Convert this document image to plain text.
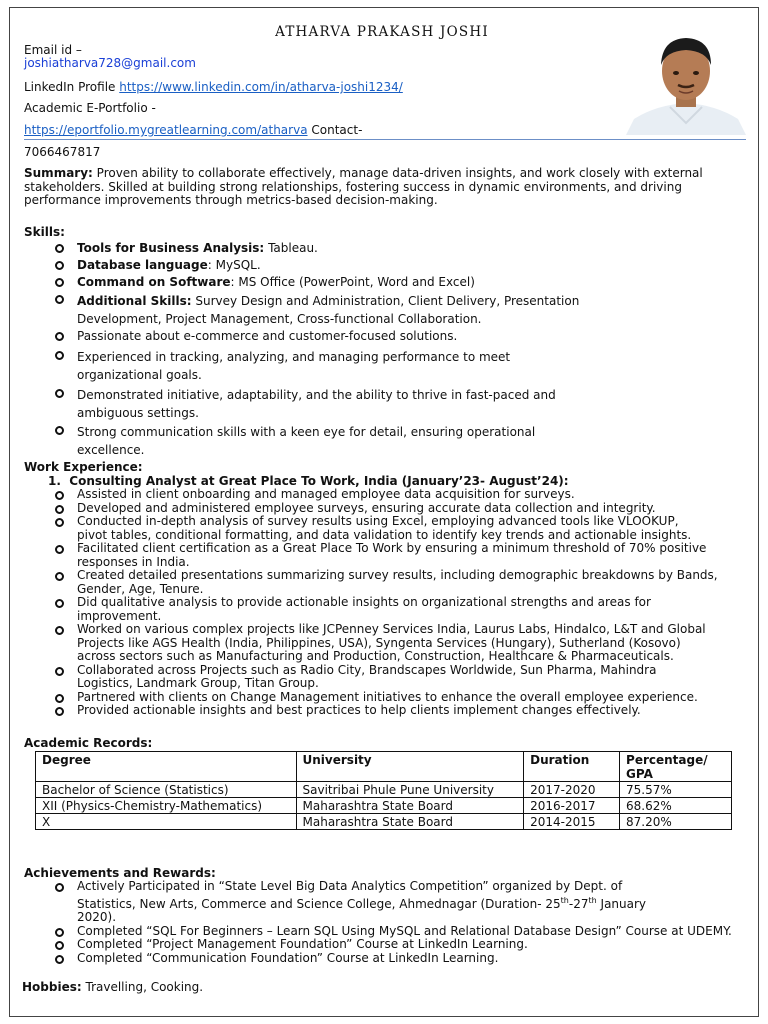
ATHARVA PRAKASH JOSHI
Email id –
joshiatharva728@gmail.com
LinkedIn Profile https://www.linkedin.com/in/atharva-joshi1234/
Academic E-Portfolio -
https://eportfolio.mygreatlearning.com/atharva Contact-
7066467817
Summary: Proven ability to collaborate effectively, manage data-driven insights, and work closely with external stakeholders. Skilled at building strong relationships, fostering success in dynamic environments, and driving performance improvements through metrics-based decision-making.
Skills:
Tools for Business Analysis: Tableau.
Database language: MySQL.
Command on Software: MS Office (PowerPoint, Word and Excel)
Additional Skills: Survey Design and Administration, Client Delivery, Presentation
Development, Project Management, Cross-functional Collaboration.
Passionate about e-commerce and customer-focused solutions.
Experienced in tracking, analyzing, and managing performance to meet
organizational goals.
Demonstrated initiative, adaptability, and the ability to thrive in fast-paced and
ambiguous settings.
Strong communication skills with a keen eye for detail, ensuring operational
excellence.
Work Experience:
1. Consulting Analyst at Great Place To Work, India (January’23- August’24):
Assisted in client onboarding and managed employee data acquisition for surveys.
Developed and administered employee surveys, ensuring accurate data collection and integrity.
Conducted in-depth analysis of survey results using Excel, employing advanced tools like VLOOKUP,
pivot tables, conditional formatting, and data validation to identify key trends and actionable insights.
Facilitated client certification as a Great Place To Work by ensuring a minimum threshold of 70% positive
responses in India.
Created detailed presentations summarizing survey results, including demographic breakdowns by Bands,
Gender, Age, Tenure.
Did qualitative analysis to provide actionable insights on organizational strengths and areas for
improvement.
Worked on various complex projects like JCPenney Services India, Laurus Labs, Hindalco, L&T and Global
Projects like AGS Health (India, Philippines, USA), Syngenta Services (Hungary), Sutherland (Kosovo)
across sectors such as Manufacturing and Production, Construction, Healthcare & Pharmaceuticals.
Collaborated across Projects such as Radio City, Brandscapes Worldwide, Sun Pharma, Mahindra
Logistics, Landmark Group, Titan Group.
Partnered with clients on Change Management initiatives to enhance the overall employee experience.
Provided actionable insights and best practices to help clients implement changes effectively.
Academic Records:
Degree	University	Duration	Percentage/ GPA
Bachelor of Science (Statistics)	Savitribai Phule Pune University	2017-2020	75.57%
XII (Physics-Chemistry-Mathematics)	Maharashtra State Board	2016-2017	68.62%
X	Maharashtra State Board	2014-2015	87.20%
Achievements and Rewards:
Actively Participated in “State Level Big Data Analytics Competition” organized by Dept. of
Statistics, New Arts, Commerce and Science College, Ahmednagar (Duration- 25th-27th January
2020).
Completed “SQL For Beginners – Learn SQL Using MySQL and Relational Database Design” Course at UDEMY.
Completed “Project Management Foundation” Course at LinkedIn Learning.
Completed “Communication Foundation” Course at LinkedIn Learning.
Hobbies: Travelling, Cooking.
